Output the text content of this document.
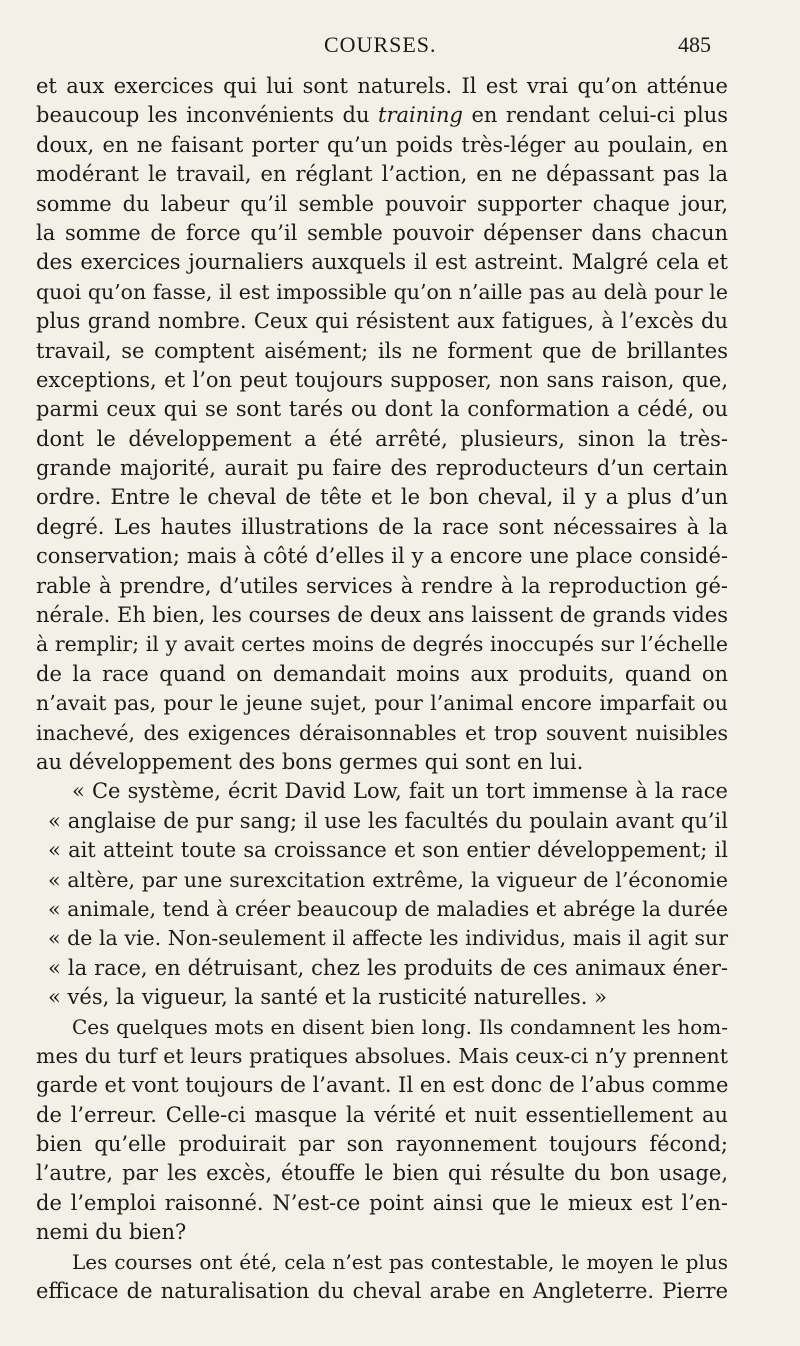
COURSES.	485
et aux exercices qui lui sont naturels. Il est vrai qu’on atténue
beaucoup les inconvénients du training en rendant celui-ci plus
doux, en ne faisant porter qu’un poids très-léger au poulain, en
modérant le travail, en réglant l’action, en ne dépassant pas la
somme du labeur qu’il semble pouvoir supporter chaque jour,
la somme de force qu’il semble pouvoir dépenser dans chacun
des exercices journaliers auxquels il est astreint. Malgré cela et
quoi qu’on fasse, il est impossible qu’on n’aille pas au delà pour le
plus grand nombre. Ceux qui résistent aux fatigues, à l’excès du
travail, se comptent aisément; ils ne forment que de brillantes
exceptions, et l’on peut toujours supposer, non sans raison, que,
parmi ceux qui se sont tarés ou dont la conformation a cédé, ou
dont le développement a été arrêté, plusieurs, sinon la très-
grande majorité, aurait pu faire des reproducteurs d’un certain
ordre. Entre le cheval de tête et le bon cheval, il y a plus d’un
degré. Les hautes illustrations de la race sont nécessaires à la
conservation; mais à côté d’elles il y a encore une place considé-
rable à prendre, d’utiles services à rendre à la reproduction gé-
nérale. Eh bien, les courses de deux ans laissent de grands vides
à remplir; il y avait certes moins de degrés inoccupés sur l’échelle
de la race quand on demandait moins aux produits, quand on
n’avait pas, pour le jeune sujet, pour l’animal encore imparfait ou
inachevé, des exigences déraisonnables et trop souvent nuisibles
au développement des bons germes qui sont en lui.
« Ce système, écrit David Low, fait un tort immense à la race
« anglaise de pur sang; il use les facultés du poulain avant qu’il
« ait atteint toute sa croissance et son entier développement; il
« altère, par une surexcitation extrême, la vigueur de l’économie
« animale, tend à créer beaucoup de maladies et abrége la durée
« de la vie. Non-seulement il affecte les individus, mais il agit sur
« la race, en détruisant, chez les produits de ces animaux éner-
« vés, la vigueur, la santé et la rusticité naturelles. »
Ces quelques mots en disent bien long. Ils condamnent les hom-
mes du turf et leurs pratiques absolues. Mais ceux-ci n’y prennent
garde et vont toujours de l’avant. Il en est donc de l’abus comme
de l’erreur. Celle-ci masque la vérité et nuit essentiellement au
bien qu’elle produirait par son rayonnement toujours fécond;
l’autre, par les excès, étouffe le bien qui résulte du bon usage,
de l’emploi raisonné. N’est-ce point ainsi que le mieux est l’en-
nemi du bien?
Les courses ont été, cela n’est pas contestable, le moyen le plus
efficace de naturalisation du cheval arabe en Angleterre. Pierre
